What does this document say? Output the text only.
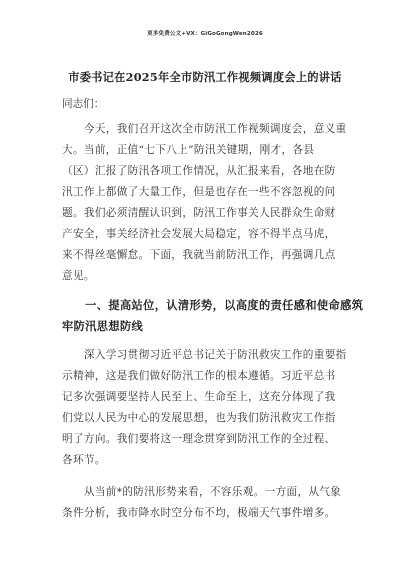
更多免费公文+VX：GiGoGongWen2026
市委书记在2025年全市防汛工作视频调度会上的讲话
同志们：
　　今天，我们召开这次全市防汛工作视频调度会，意义重
大。当前，正值“七下八上”防汛关键期，刚才，各县
（区）汇报了防汛各项工作情况，从汇报来看，各地在防
汛工作上都做了大量工作，但是也存在一些不容忽视的问
题。我们必须清醒认识到，防汛工作事关人民群众生命财
产安全，事关经济社会发展大局稳定，容不得半点马虎，
来不得丝毫懈怠。下面，我就当前防汛工作，再强调几点
意见。
　　一、提高站位，认清形势，以高度的责任感和使命感筑
牢防汛思想防线
　　深入学习贯彻习近平总书记关于防汛救灾工作的重要指
示精神，这是我们做好防汛工作的根本遵循。习近平总书
记多次强调要坚持人民至上、生命至上，这充分体现了我
们党以人民为中心的发展思想，也为我们防汛救灾工作指
明了方向。我们要将这一理念贯穿到防汛工作的全过程、
各环节。
　　从当前*的防汛形势来看，不容乐观。一方面，从气象
条件分析，我市降水时空分布不均，极端天气事件增多。
